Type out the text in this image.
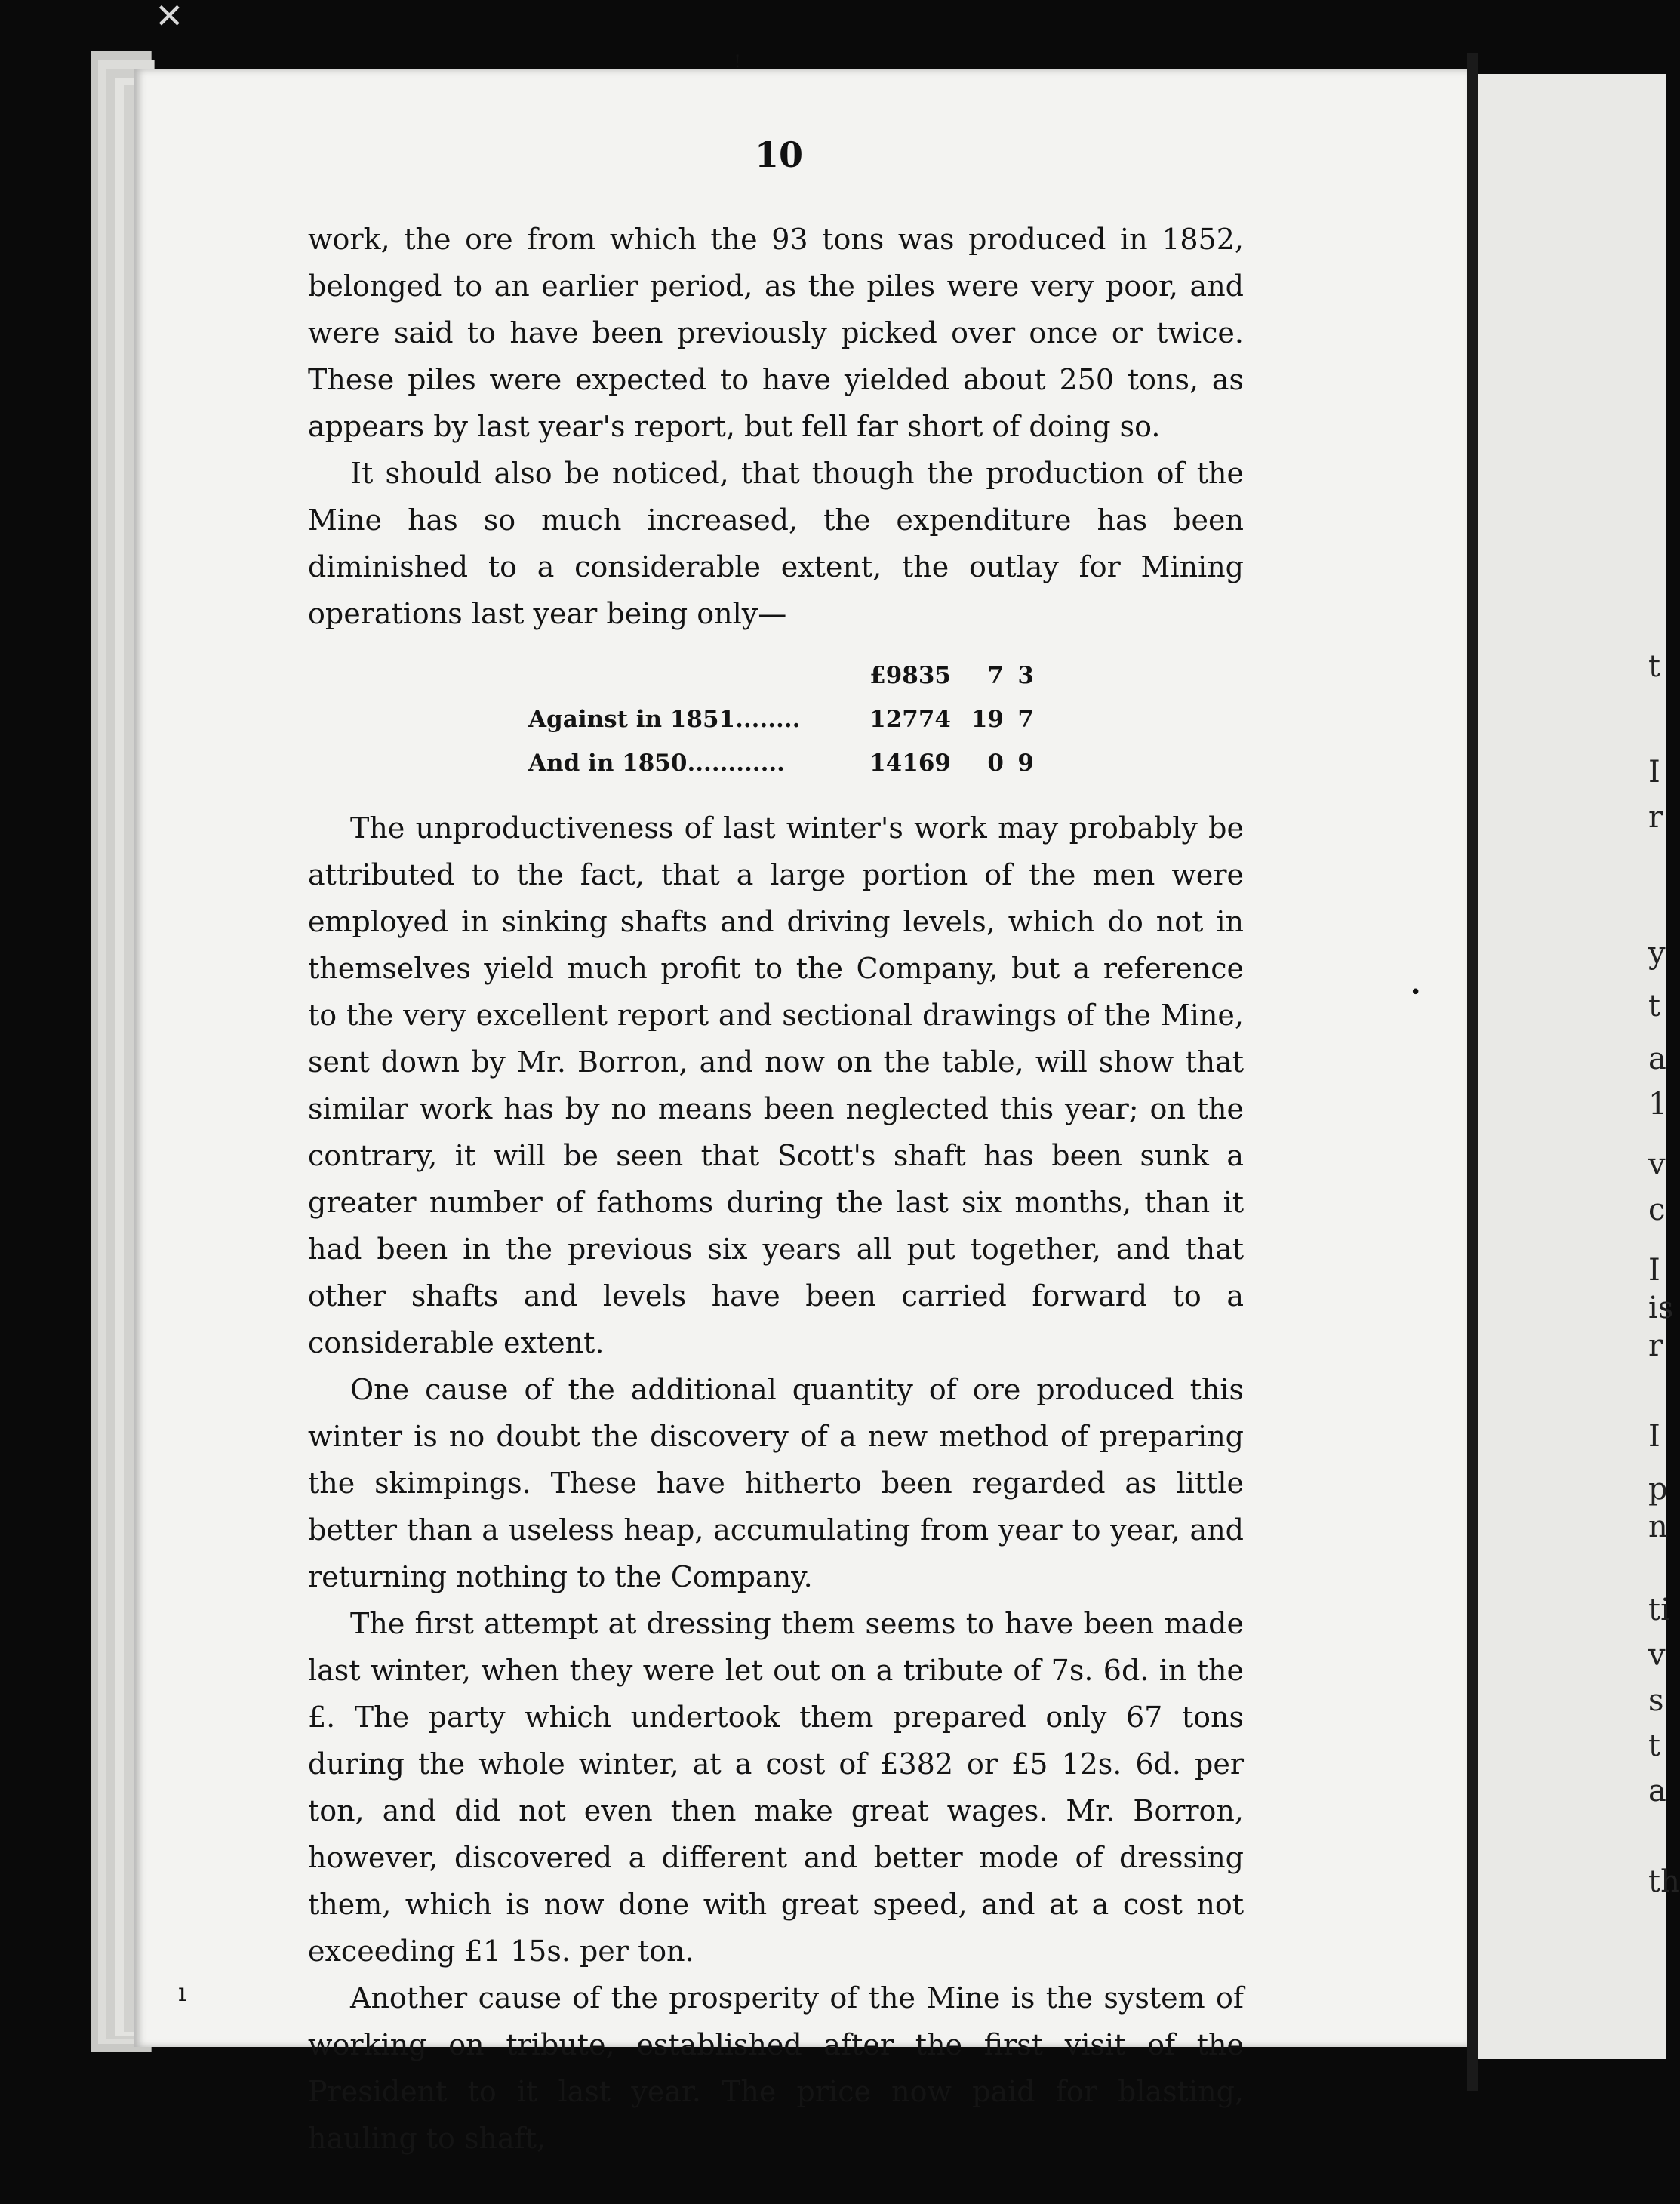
✕
ꜝ
10

work, the ore from which the 93 tons was produced in 1852, belonged to an earlier period, as the piles were very poor, and were said to have been previously picked over once or twice. These piles were expected to have yielded about 250 tons, as appears by last year's report, but fell far short of doing so.

It should also be noticed, that though the production of the Mine has so much increased, the expenditure has been diminished to a considerable extent, the outlay for Mining operations last year being only—

£9835	7 3
Against in 1851........	12774 19 7
And in 1850............	14169	0 9

The unproductiveness of last winter's work may probably be attributed to the fact, that a large portion of the men were employed in sinking shafts and driving levels, which do not in themselves yield much profit to the Company, but a reference to the very excellent report and sectional drawings of the Mine, sent down by Mr. Borron, and now on the table, will show that similar work has by no means been neglected this year; on the contrary, it will be seen that Scott's shaft has been sunk a greater number of fathoms during the last six months, than it had been in the previous six years all put together, and that other shafts and levels have been carried forward to a considerable extent.

One cause of the additional quantity of ore produced this winter is no doubt the discovery of a new method of preparing the skimpings. These have hitherto been regarded as little better than a useless heap, accumulating from year to year, and returning nothing to the Company.

The first attempt at dressing them seems to have been made last winter, when they were let out on a tribute of 7s. 6d. in the £. The party which undertook them prepared only 67 tons during the whole winter, at a cost of £382 or £5 12s. 6d. per ton, and did not even then make great wages. Mr. Borron, however, discovered a different and better mode of dressing them, which is now done with great speed, and at a cost not exceeding £1 15s. per ton.

Another cause of the prosperity of the Mine is the system of working on tribute, established after the first visit of the President to it last year. The price now paid for blasting, hauling to shaft,

•
ı
t
I
r
y
t
a
1
v
c
I
is
r
I
p
n
ti
v
s
t
a
th
